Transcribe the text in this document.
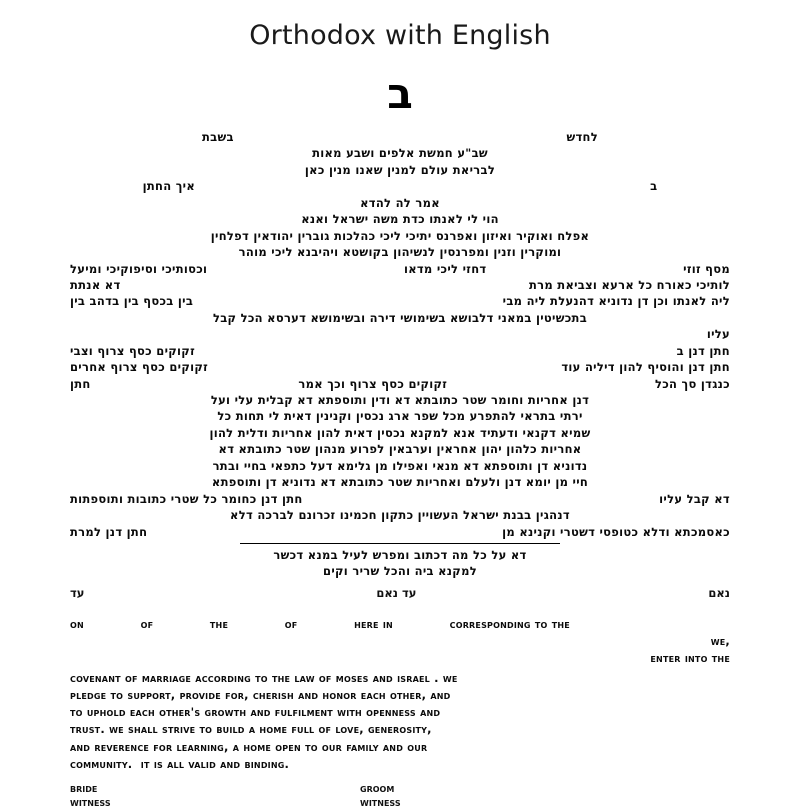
Orthodox with English
ב
לחדש
בשבת
שב"ע חמשת אלפים ושבע מאות
לבריאת עולם למנין שאנו מנין כאן
ב
איך החתן
אמר לה להדא
הוי לי לאנתו כדת משה ישראל ואנא
אפלח ואוקיר ואיזון ואפרנס יתיכי ליכי כהלכות גוברין יהודאין דפלחין
ומוקרין וזנין ומפרנסין לנשיהון בקושטא ויהיבנא ליכי מוהר
מסף זוזי
דחזי ליכי מדאו
וכסותיכי וסיפוקיכי ומיעל
לותיכי כאורח כל ארעא וצביאת מרת
דא אנתת
ליה לאנתו וכן דן נדוניא דהנעלת ליה מבי
בין בכסף בין בדהב בין
בתכשיטין במאני דלבושא בשימושי דירה ובשימושא דערסא הכל קבל
עליו
חתן דנן ב
זקוקים כסף צרוף וצבי
חתן דנן והוסיף להון דיליה עוד
זקוקים כסף צרוף אחרים
כנגדן סך הכל
זקוקים כסף צרוף וכך אמר
חתן
דנן אחריות וחומר שטר כתובתא דא ודין ותוספתא דא קבלית עלי ועל
ירתי בתראי להתפרע מכל שפר ארג נכסין וקנינין דאית לי תחות כל
שמיא דקנאי ודעתיד אנא למקנא נכסין דאית להון אחריות ודלית להון
אחריות כלהון יהון אחראין וערבאין לפרוע מנהון שטר כתובתא דא
נדוניא דן ותוספתא דא מנאי ואפילו מן גלימא דעל כתפאי בחיי ובתר
חיי מן יומא דנן ולעלם ואחריות שטר כתובתא דא נדוניא דן ותוספתא
דא קבל עליו
חתן דנן כחומר כל שטרי כתובות ותוספתות
דנהגין בבנת ישראל העשויין כתקון חכמינו זכרונם לברכה דלא
כאסמכתא ודלא כטופסי דשטרי וקנינא מן
חתן דנן למרת
דא על כל מה דכתוב ומפרש לעיל במנא דכשר
למקנא ביה והכל שריר וקים
נאם
עד נאם
עד
on	of	the	of	here in	corresponding to the
we,
enter into the
covenant of marriage according to the law of moses and israel . we
pledge to support, provide for, cherish and honor each other, and
to uphold each other's growth and fulfilment with openness and
trust. we shall strive to build a home full of love, generosity,
and reverence for learning, a home open to our family and our
community.  it is all valid and binding.
bride	groom
witness	witness
